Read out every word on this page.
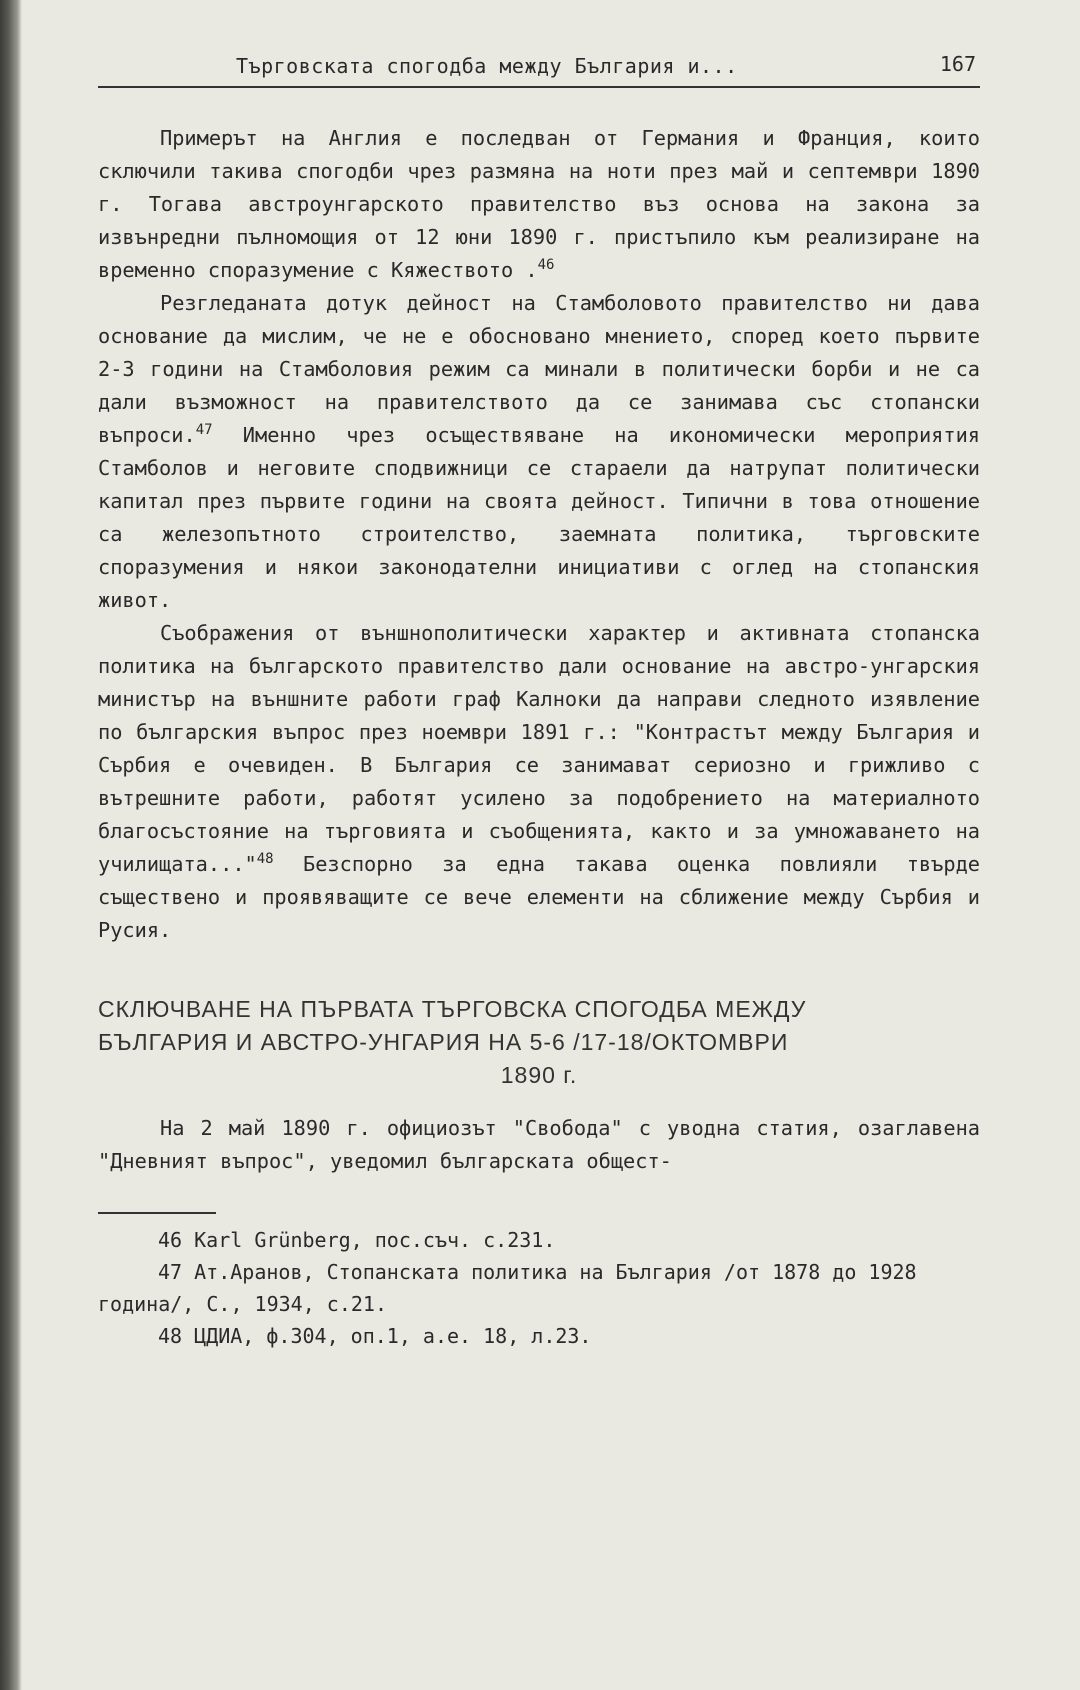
Търговската спогодба между България и...	167

Примерът на Англия е последван от Германия и Франция, които сключили такива спогодби чрез размяна на ноти през май и септември 1890 г. Тогава австроунгарското правителство въз основа на закона за извънредни пълномощия от 12 юни 1890 г. пристъпило към реализиране на временно споразумение с Кяжеството .$^{46}$

Резгледаната дотук дейност на Стамболовото правителство ни дава основание да мислим, че не е обосновано мнението, според което първите 2-3 години на Стамболовия режим са минали в политически борби и не са дали възможност на правителството да се занимава със стопански въпроси.$^{47}$ Именно чрез осъществяване на икономически мероприятия Стамболов и неговите сподвижници се стараели да натрупат политически капитал през първите години на своята дейност. Типични в това отношение са железопътното строителство, заемната политика, търговските споразумения и някои законодателни инициативи с оглед на стопанския живот.

Съображения от външнополитически характер и активната стопанска политика на българското правителство дали основание на австро-унгарския министър на външните работи граф Калноки да направи следното изявление по българския въпрос през ноември 1891 г.: "Контрастът между България и Сърбия е очевиден. В България се занимават сериозно и грижливо с вътрешните работи, работят усилено за подобрението на материалното благосъстояние на търговията и съобщенията, както и за умножаването на училищата..."$^{48}$ Безспорно за една такава оценка повлияли твърде съществено и проявяващите се вече елементи на сближение между Сърбия и Русия.

СКЛЮЧВАНЕ НА ПЪРВАТА ТЪРГОВСКА СПОГОДБА МЕЖДУ
БЪЛГАРИЯ И АВСТРО-УНГАРИЯ НА 5-6 /17-18/ОКТОМВРИ
1890 г.

На 2 май 1890 г. официозът "Свобода" с уводна статия, озаглавена "Дневният въпрос", уведомил българската общест-

46 Karl Grünberg, пос.съч. с.231.

47 Ат.Аранов, Стопанската политика на България /от 1878 до 1928 година/, С., 1934, с.21.

48 ЦДИА, ф.304, оп.1, а.е. 18, л.23.
